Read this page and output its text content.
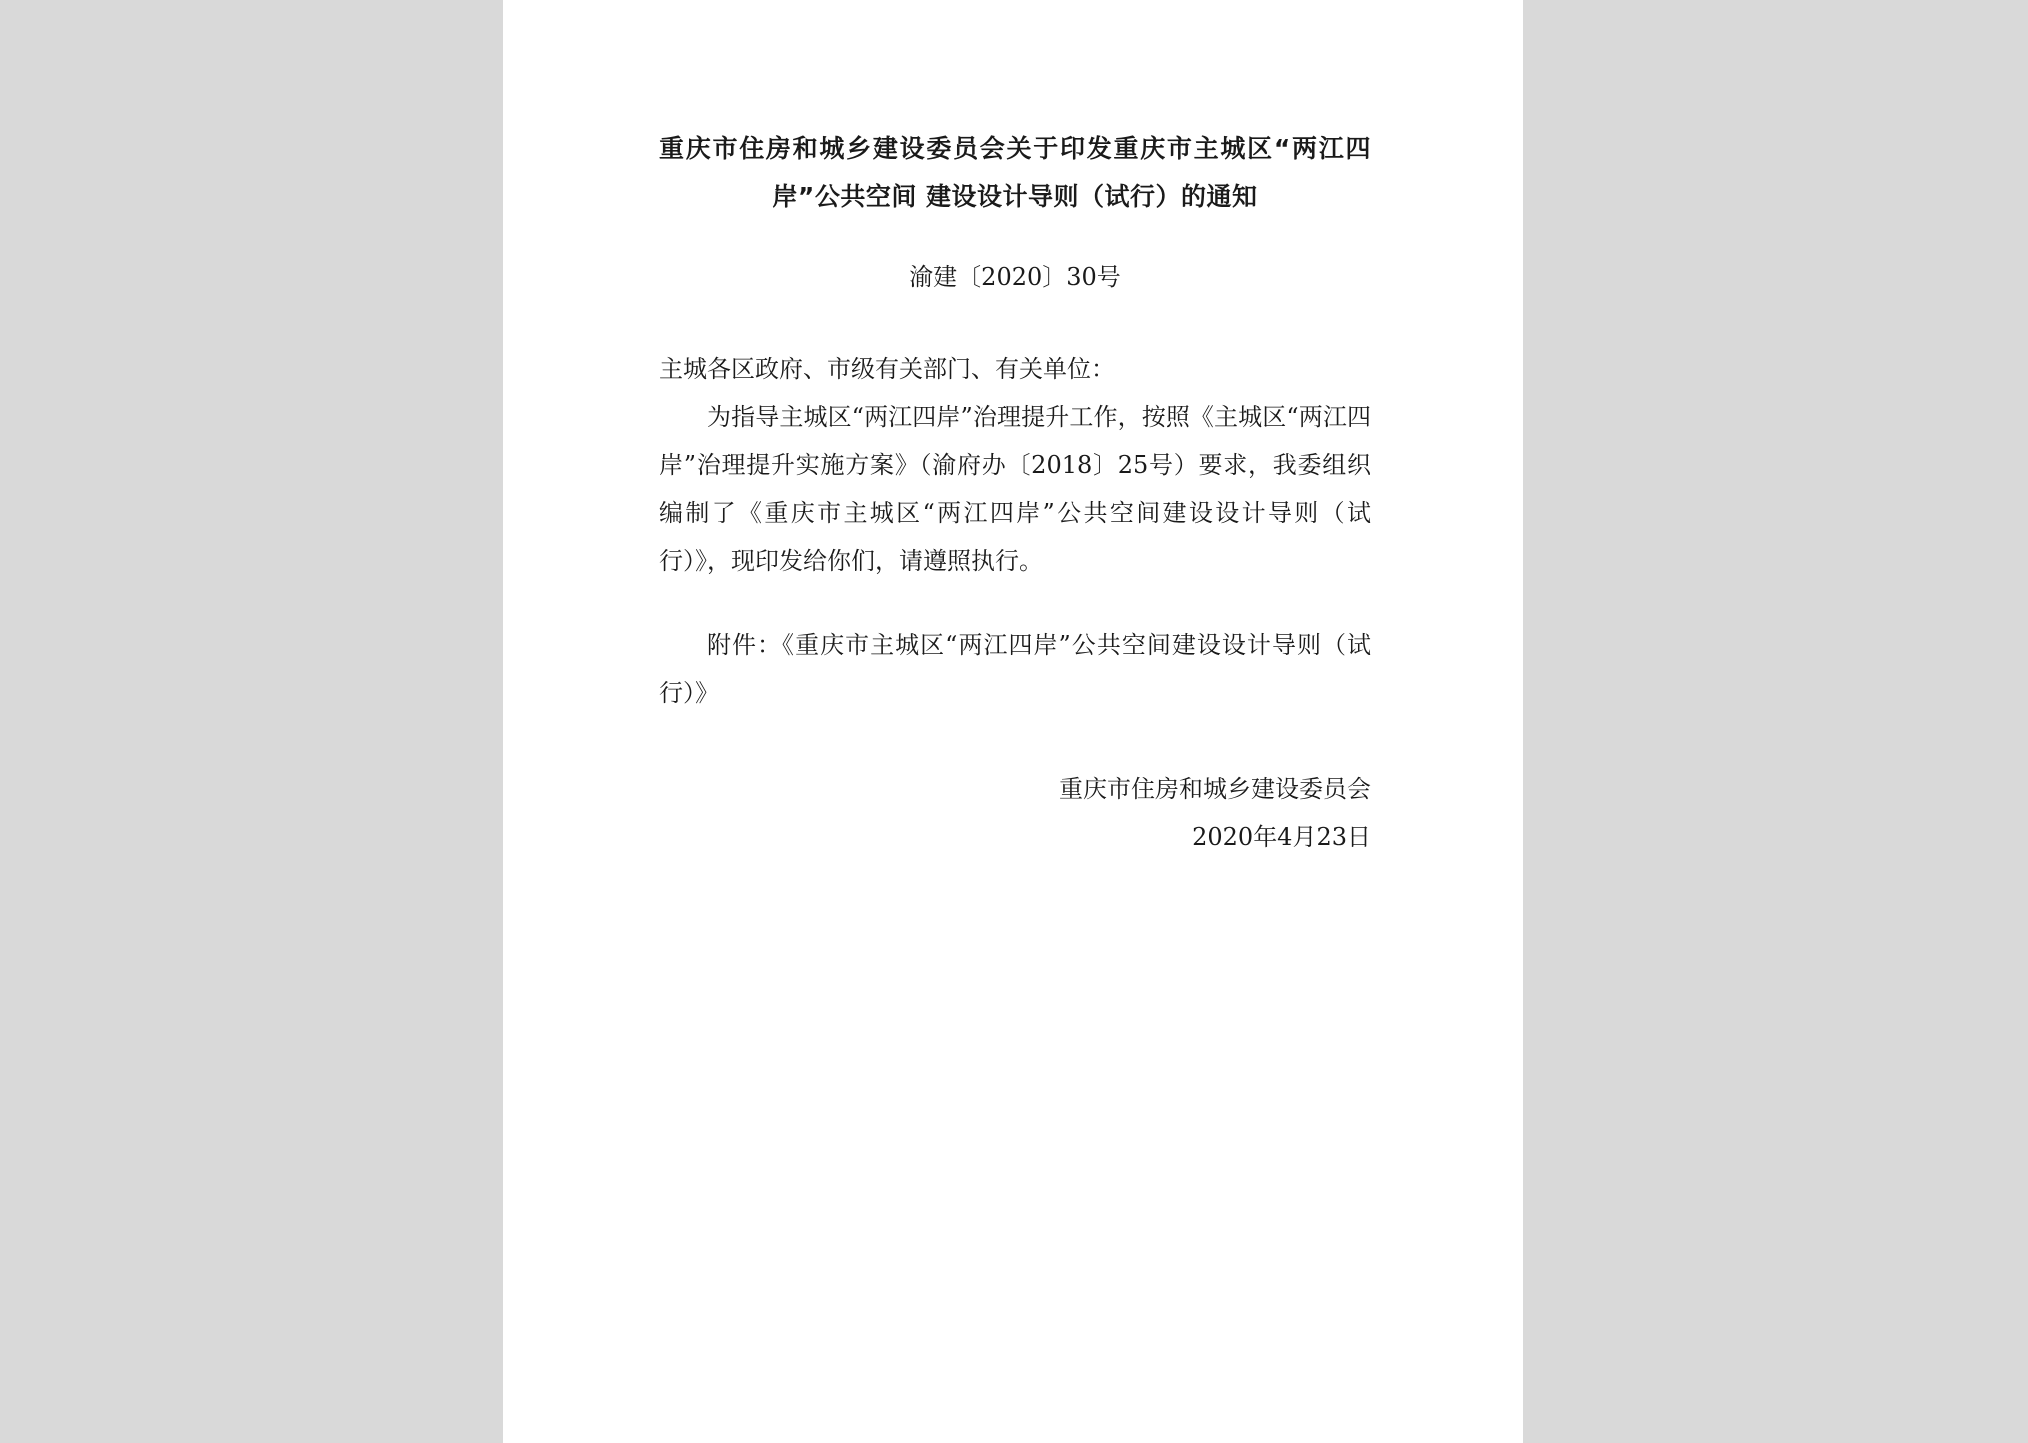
重庆市住房和城乡建设委员会关于印发重庆市主城区“两江四岸”公共空间 建设设计导则（试行）的通知
渝建〔2020〕30号
主城各区政府、市级有关部门、有关单位：

为指导主城区“两江四岸”治理提升工作，按照《主城区“两江四岸”治理提升实施方案》（渝府办〔2018〕25号）要求，我委组织编制了《重庆市主城区“两江四岸”公共空间建设设计导则（试行）》，现印发给你们，请遵照执行。

附件：《重庆市主城区“两江四岸”公共空间建设设计导则（试行）》
重庆市住房和城乡建设委员会
2020年4月23日
